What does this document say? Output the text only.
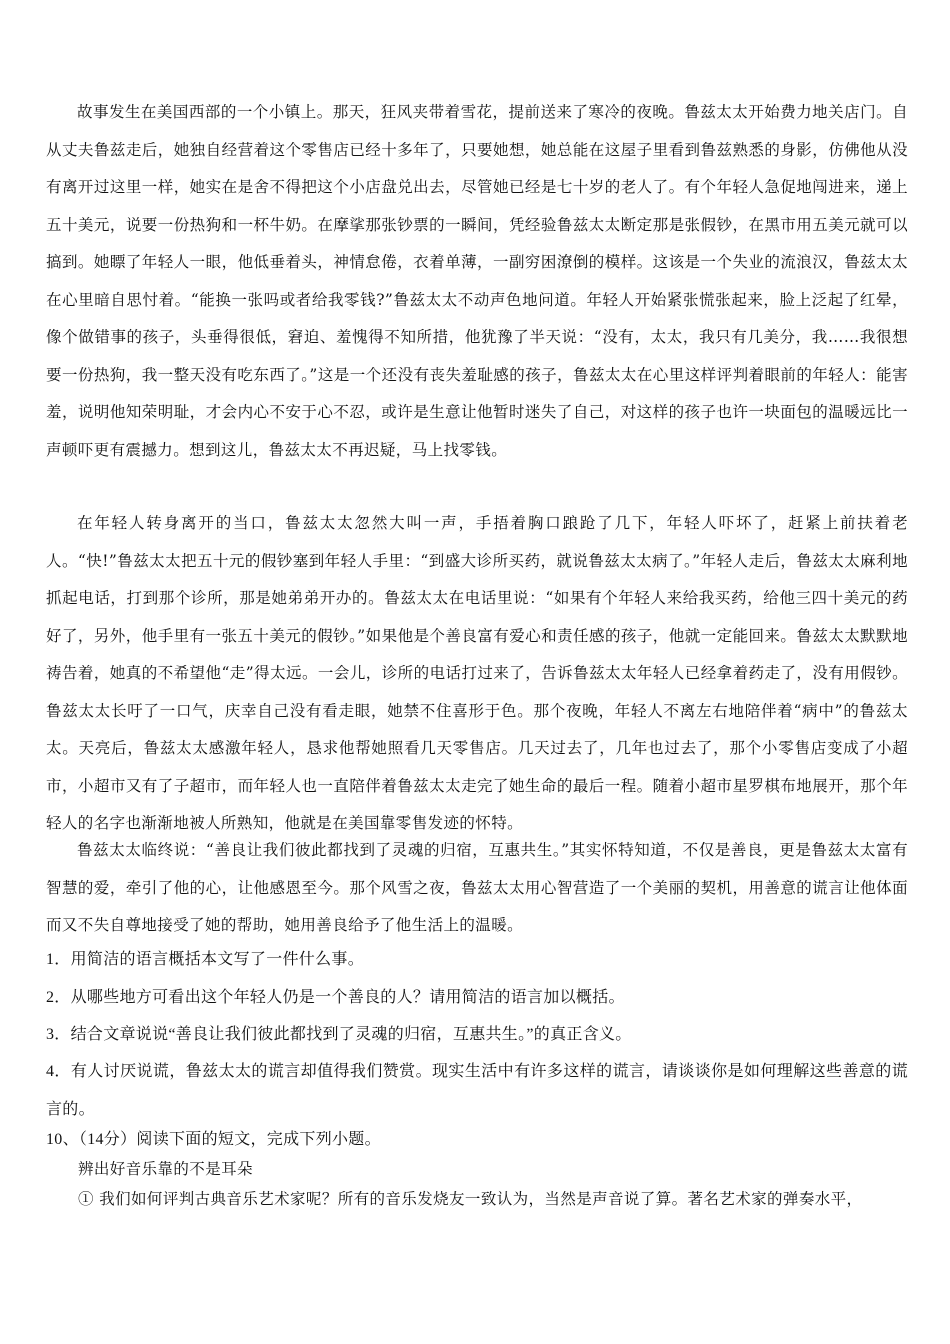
故事发生在美国西部的一个小镇上。那天，狂风夹带着雪花，提前送来了寒冷的夜晚。鲁兹太太开始费力地关店门。自从丈夫鲁兹走后，她独自经营着这个零售店已经十多年了，只要她想，她总能在这屋子里看到鲁兹熟悉的身影，仿佛他从没有离开过这里一样，她实在是舍不得把这个小店盘兑出去，尽管她已经是七十岁的老人了。有个年轻人急促地闯进来，递上五十美元，说要一份热狗和一杯牛奶。在摩挲那张钞票的一瞬间，凭经验鲁兹太太断定那是张假钞，在黑市用五美元就可以搞到。她瞟了年轻人一眼，他低垂着头，神情怠倦，衣着单薄，一副穷困潦倒的模样。这该是一个失业的流浪汉，鲁兹太太在心里暗自思忖着。“能换一张吗或者给我零钱?”鲁兹太太不动声色地问道。年轻人开始紧张慌张起来，脸上泛起了红晕，像个做错事的孩子，头垂得很低，窘迫、羞愧得不知所措，他犹豫了半天说：“没有，太太，我只有几美分，我……我很想要一份热狗，我一整天没有吃东西了。”这是一个还没有丧失羞耻感的孩子，鲁兹太太在心里这样评判着眼前的年轻人：能害羞，说明他知荣明耻，才会内心不安于心不忍，或许是生意让他暂时迷失了自己，对这样的孩子也许一块面包的温暖远比一声顿吓更有震撼力。想到这儿，鲁兹太太不再迟疑，马上找零钱。

在年轻人转身离开的当口，鲁兹太太忽然大叫一声，手捂着胸口踉跄了几下，年轻人吓坏了，赶紧上前扶着老人。“快!”鲁兹太太把五十元的假钞塞到年轻人手里：“到盛大诊所买药，就说鲁兹太太病了。”年轻人走后，鲁兹太太麻利地抓起电话，打到那个诊所，那是她弟弟开办的。鲁兹太太在电话里说：“如果有个年轻人来给我买药，给他三四十美元的药好了，另外，他手里有一张五十美元的假钞。”如果他是个善良富有爱心和责任感的孩子，他就一定能回来。鲁兹太太默默地祷告着，她真的不希望他“走”得太远。一会儿，诊所的电话打过来了，告诉鲁兹太太年轻人已经拿着药走了，没有用假钞。鲁兹太太长吁了一口气，庆幸自己没有看走眼，她禁不住喜形于色。那个夜晚，年轻人不离左右地陪伴着“病中”的鲁兹太太。天亮后，鲁兹太太感激年轻人，恳求他帮她照看几天零售店。几天过去了，几年也过去了，那个小零售店变成了小超市，小超市又有了子超市，而年轻人也一直陪伴着鲁兹太太走完了她生命的最后一程。随着小超市星罗棋布地展开，那个年轻人的名字也渐渐地被人所熟知，他就是在美国靠零售发迹的怀特。

鲁兹太太临终说：“善良让我们彼此都找到了灵魂的归宿，互惠共生。”其实怀特知道，不仅是善良，更是鲁兹太太富有智慧的爱，牵引了他的心，让他感恩至今。那个风雪之夜，鲁兹太太用心智营造了一个美丽的契机，用善意的谎言让他体面而又不失自尊地接受了她的帮助，她用善良给予了他生活上的温暖。

1．用简洁的语言概括本文写了一件什么事。

2．从哪些地方可看出这个年轻人仍是一个善良的人？请用简洁的语言加以概括。

3．结合文章说说“善良让我们彼此都找到了灵魂的归宿，互惠共生。”的真正含义。

4．有人讨厌说谎，鲁兹太太的谎言却值得我们赞赏。现实生活中有许多这样的谎言，请谈谈你是如何理解这些善意的谎言的。

10、（14分）阅读下面的短文，完成下列小题。

辨出好音乐靠的不是耳朵
① 我们如何评判古典音乐艺术家呢？所有的音乐发烧友一致认为，当然是声音说了算。著名艺术家的弹奏水平，
